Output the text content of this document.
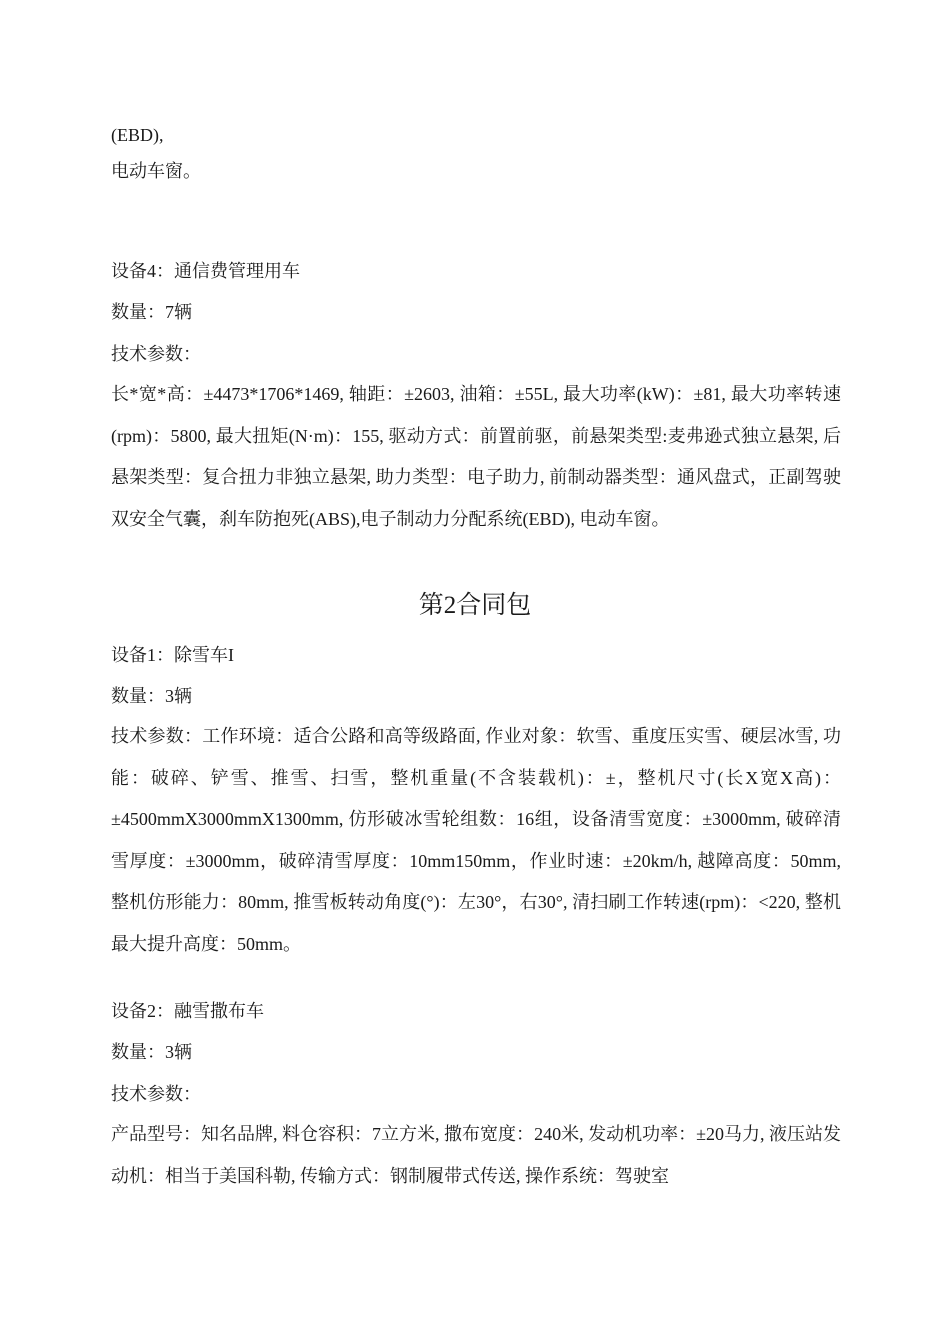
(EBD),
电动车窗。
设备4：通信费管理用车
数量：7辆
技术参数：
长*宽*高：±4473*1706*1469, 轴距：±2603, 油箱：±55L, 最大功率(kW)：±81, 最大功率转速(rpm)：5800, 最大扭矩(N·m)：155, 驱动方式：前置前驱，前悬架类型:麦弗逊式独立悬架, 后悬架类型：复合扭力非独立悬架, 助力类型：电子助力, 前制动器类型：通风盘式，正副驾驶双安全气囊，刹车防抱死(ABS),电子制动力分配系统(EBD), 电动车窗。
第2合同包
设备1：除雪车I
数量：3辆
技术参数：工作环境：适合公路和高等级路面, 作业对象：软雪、重度压实雪、硬层冰雪, 功能：破碎、铲雪、推雪、扫雪，整机重量(不含装载机)：±，整机尺寸(长X宽X高)：±4500mmX3000mmX1300mm, 仿形破冰雪轮组数：16组，设备清雪宽度：±3000mm, 破碎清雪厚度：±3000mm，破碎清雪厚度：10mm150mm，作业时速：±20km/h, 越障高度：50mm, 整机仿形能力：80mm, 推雪板转动角度(°)：左30°，右30°, 清扫刷工作转速(rpm)：<220, 整机最大提升高度：50mm。
设备2：融雪撒布车
数量：3辆
技术参数：
产品型号：知名品牌, 料仓容积：7立方米, 撒布宽度：240米, 发动机功率：±20马力, 液压站发动机：相当于美国科勒, 传输方式：钢制履带式传送, 操作系统：驾驶室
